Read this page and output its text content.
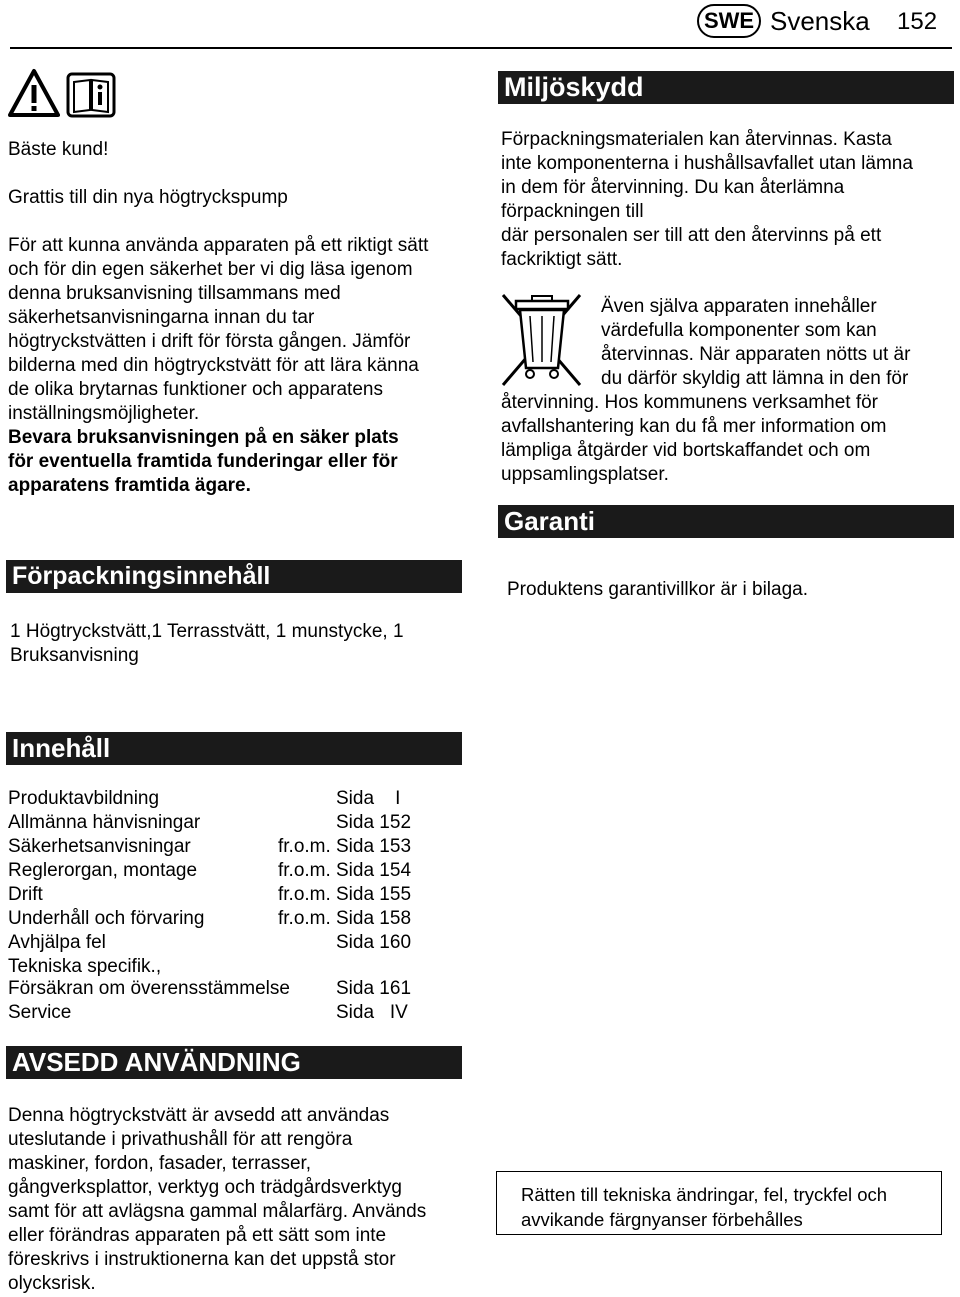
SWE Svenska 152

Bäste kund!

Grattis till din nya högtryckspump

För att kunna använda apparaten på ett riktigt sätt

och för din egen säkerhet ber vi dig läsa igenom

denna bruksanvisning tillsammans med

säkerhetsanvisningarna innan du tar

högtryckstvätten i drift för första gången. Jämför

bilderna med din högtryckstvätt för att lära känna

de olika brytarnas funktioner och apparatens

inställningsmöjligheter.

Bevara bruksanvisningen på en säker plats

för eventuella framtida funderingar eller för

apparatens framtida ägare.

Förpackningsinnehåll

1 Högtryckstvätt,1 Terrasstvätt, 1 munstycke, 1

Bruksanvisning

Innehåll
Produktavbildning	Sida    I
Allmänna hänvisningar	Sida 152
Säkerhetsanvisningar	fr.o.m. Sida 153
Reglerorgan, montage	fr.o.m. Sida 154
Drift	fr.o.m. Sida 155
Underhåll och förvaring	fr.o.m. Sida 158
Avhjälpa fel	Sida 160
Tekniska specifik.,
Försäkran om överensstämmelse Sida 161
Service	Sida   IV
AVSEDD ANVÄNDNING

Denna högtryckstvätt är avsedd att användas

uteslutande i privathushåll för att rengöra

maskiner, fordon, fasader, terrasser,

gångverksplattor, verktyg och trädgårdsverktyg

samt för att avlägsna gammal målarfärg. Används

eller förändras apparaten på ett sätt som inte

föreskrivs i instruktionerna kan det uppstå stor

olycksrisk.

Miljöskydd

Förpackningsmaterialen kan återvinnas. Kasta

inte komponenterna i hushållsavfallet utan lämna

in dem för återvinning. Du kan återlämna

förpackningen till

där personalen ser till att den återvinns på ett

fackriktigt sätt.

Även själva apparaten innehåller

värdefulla komponenter som kan

återvinnas. När apparaten nötts ut är

du därför skyldig att lämna in den för

återvinning. Hos kommunens verksamhet för

avfallshantering kan du få mer information om

lämpliga åtgärder vid bortskaffandet och om

uppsamlingsplatser.

Garanti

Produktens garantivillkor är i bilaga.

Rätten till tekniska ändringar, fel, tryckfel och
avvikande färgnyanser förbehålles
